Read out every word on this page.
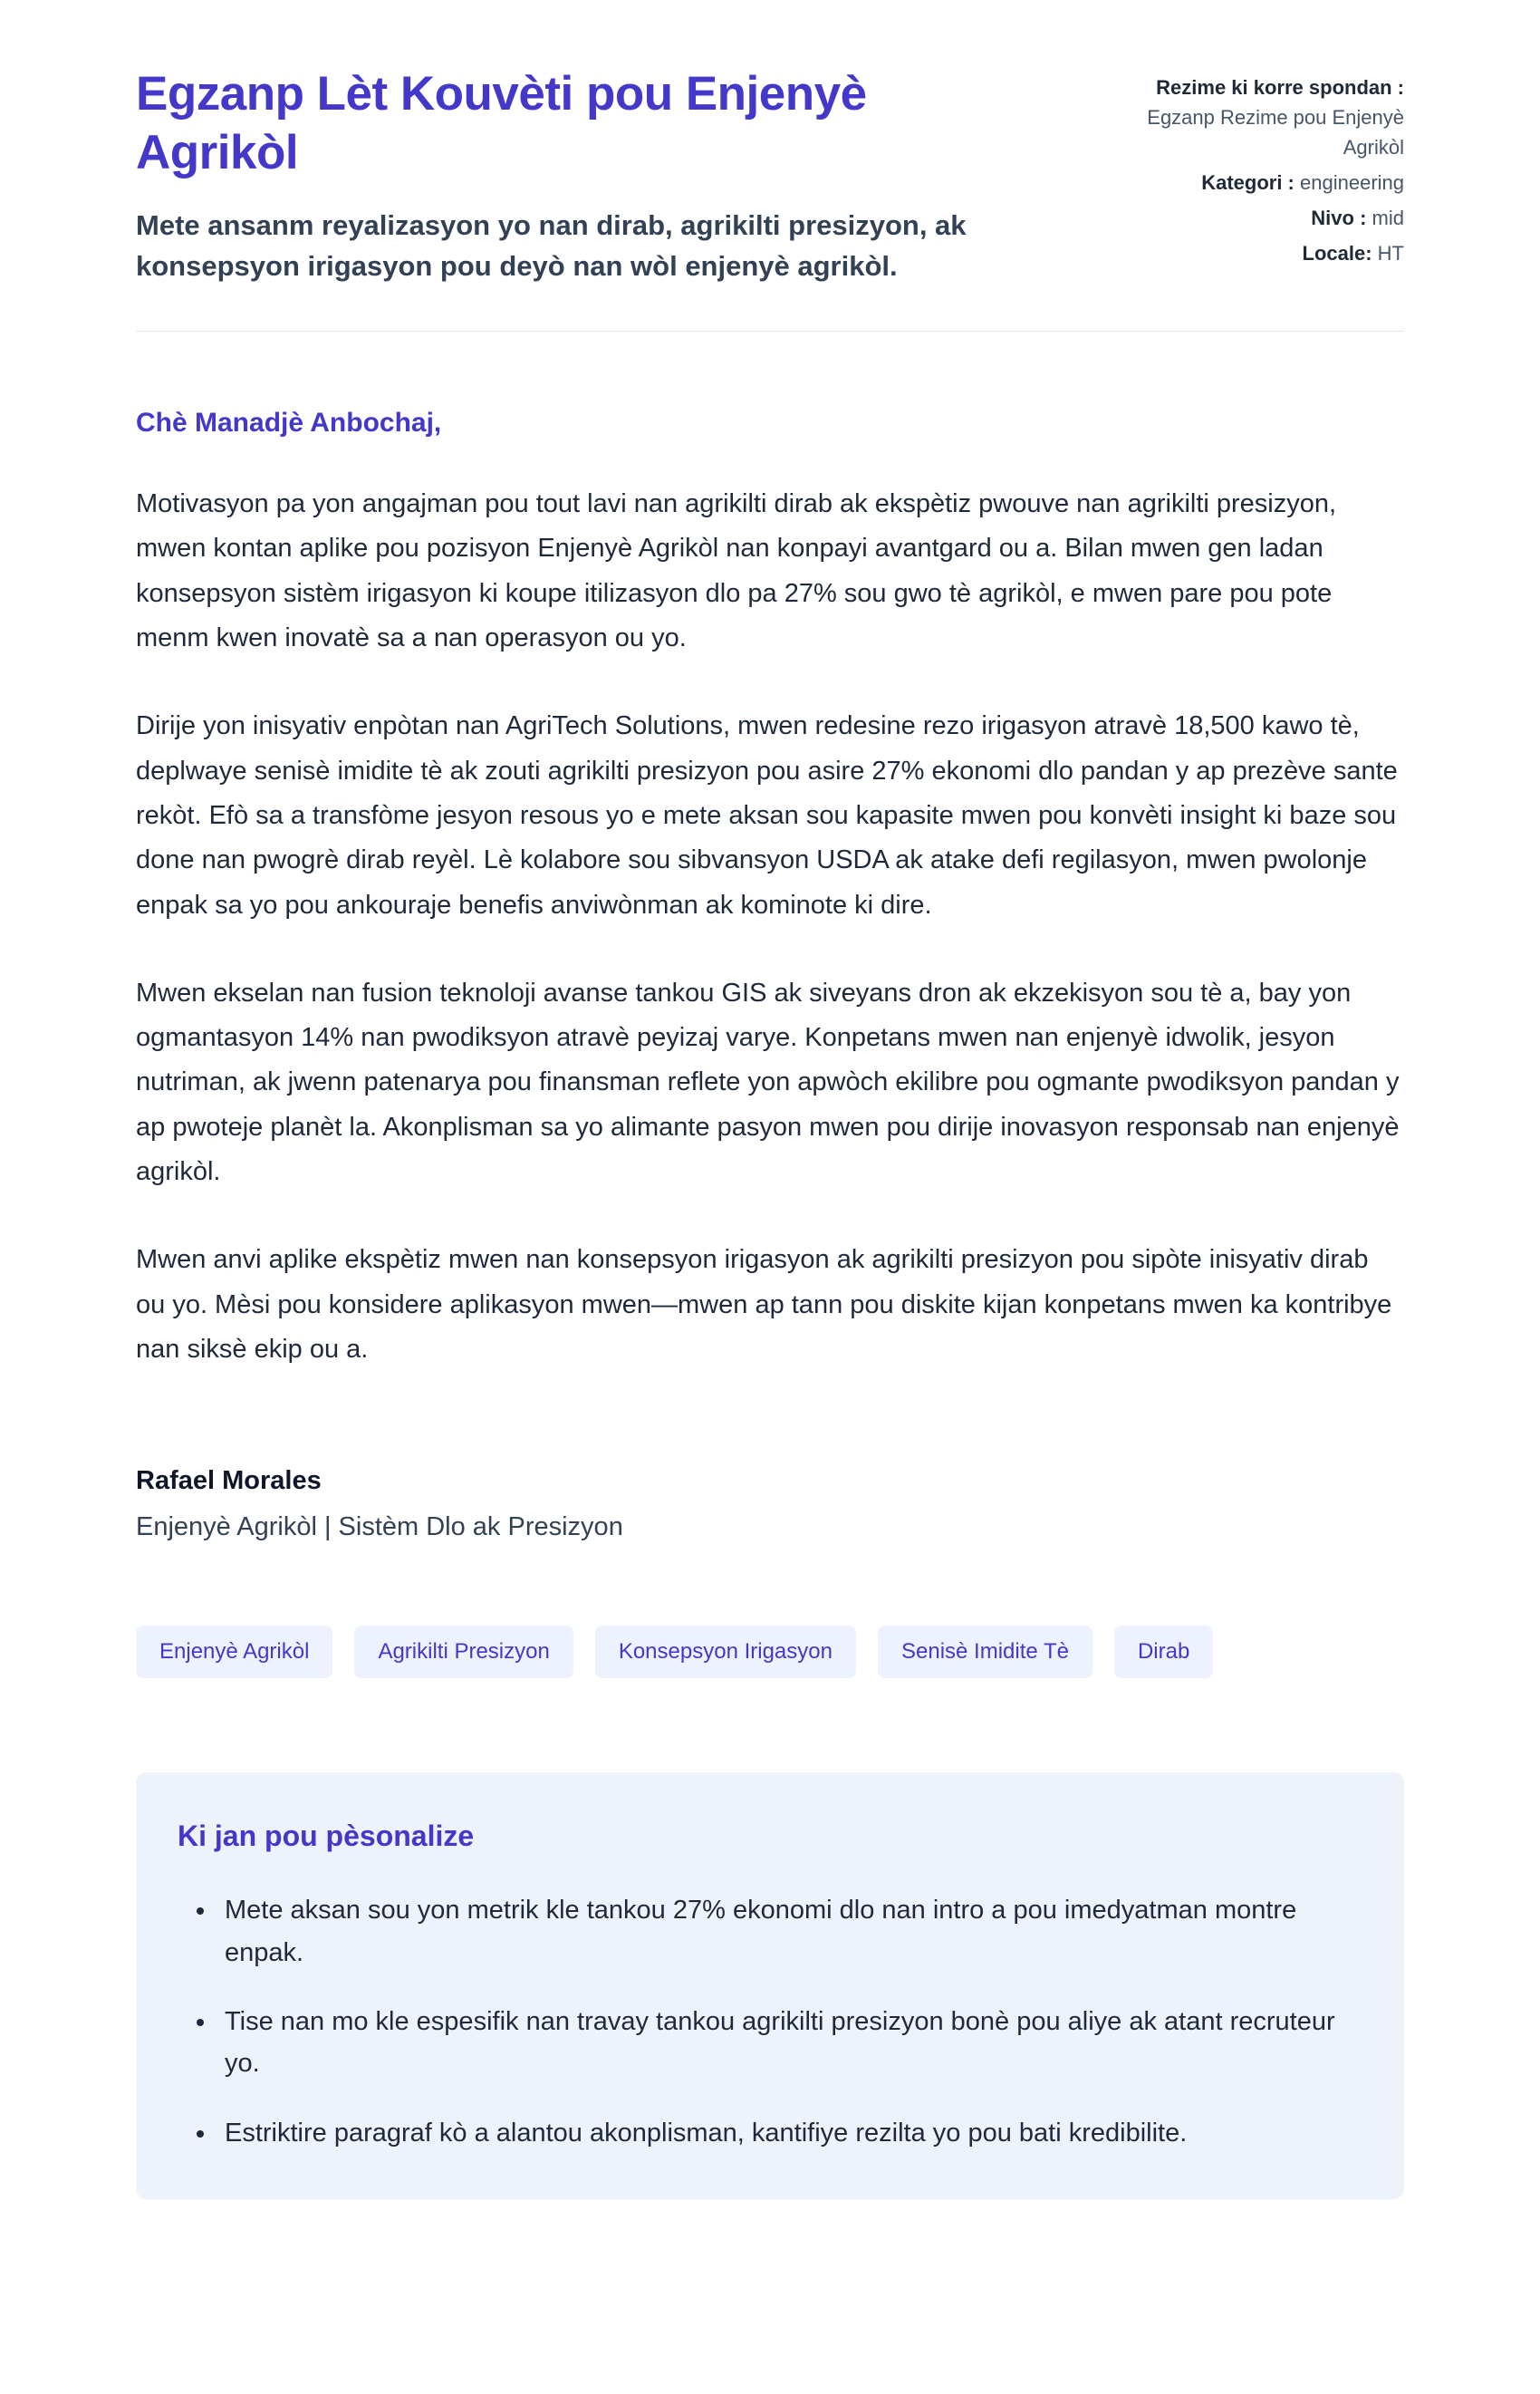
Egzanp Lèt Kouvèti pou Enjenyè Agrikòl

Mete ansanm reyalizasyon yo nan dirab, agrikilti presizyon, ak konsepsyon irigasyon pou deyò nan wòl enjenyè agrikòl.

Rezime ki korre spondan :
Egzanp Rezime pou Enjenyè Agrikòl
Kategori : engineering
Nivo : mid
Locale: HT

Chè Manadjè Anbochaj,

Motivasyon pa yon angajman pou tout lavi nan agrikilti dirab ak ekspètiz pwouve nan agrikilti presizyon, mwen kontan aplike pou pozisyon Enjenyè Agrikòl nan konpayi avantgard ou a. Bilan mwen gen ladan konsepsyon sistèm irigasyon ki koupe itilizasyon dlo pa 27% sou gwo tè agrikòl, e mwen pare pou pote menm kwen inovatè sa a nan operasyon ou yo.

Dirije yon inisyativ enpòtan nan AgriTech Solutions, mwen redesine rezo irigasyon atravè 18,500 kawo tè, deplwaye senisè imidite tè ak zouti agrikilti presizyon pou asire 27% ekonomi dlo pandan y ap prezève sante rekòt. Efò sa a transfòme jesyon resous yo e mete aksan sou kapasite mwen pou konvèti insight ki baze sou done nan pwogrè dirab reyèl. Lè kolabore sou sibvansyon USDA ak atake defi regilasyon, mwen pwolonje enpak sa yo pou ankouraje benefis anviwònman ak kominote ki dire.

Mwen ekselan nan fusion teknoloji avanse tankou GIS ak siveyans dron ak ekzekisyon sou tè a, bay yon ogmantasyon 14% nan pwodiksyon atravè peyizaj varye. Konpetans mwen nan enjenyè idwolik, jesyon nutriman, ak jwenn patenarya pou finansman reflete yon apwòch ekilibre pou ogmante pwodiksyon pandan y ap pwoteje planèt la. Akonplisman sa yo alimante pasyon mwen pou dirije inovasyon responsab nan enjenyè agrikòl.

Mwen anvi aplike ekspètiz mwen nan konsepsyon irigasyon ak agrikilti presizyon pou sipòte inisyativ dirab ou yo. Mèsi pou konsidere aplikasyon mwen—mwen ap tann pou diskite kijan konpetans mwen ka kontribye nan siksè ekip ou a.

Rafael Morales

Enjenyè Agrikòl | Sistèm Dlo ak Presizyon

Enjenyè Agrikòl	Agrikilti Presizyon	Konsepsyon Irigasyon	Senisè Imidite Tè	Dirab
Ki jan pou pèsonalize
• Mete aksan sou yon metrik kle tankou 27% ekonomi dlo nan intro a pou imedyatman montre enpak.
• Tise nan mo kle espesifik nan travay tankou agrikilti presizyon bonè pou aliye ak atant recruteur yo.
• Estriktire paragraf kò a alantou akonplisman, kantifiye rezilta yo pou bati kredibilite.
